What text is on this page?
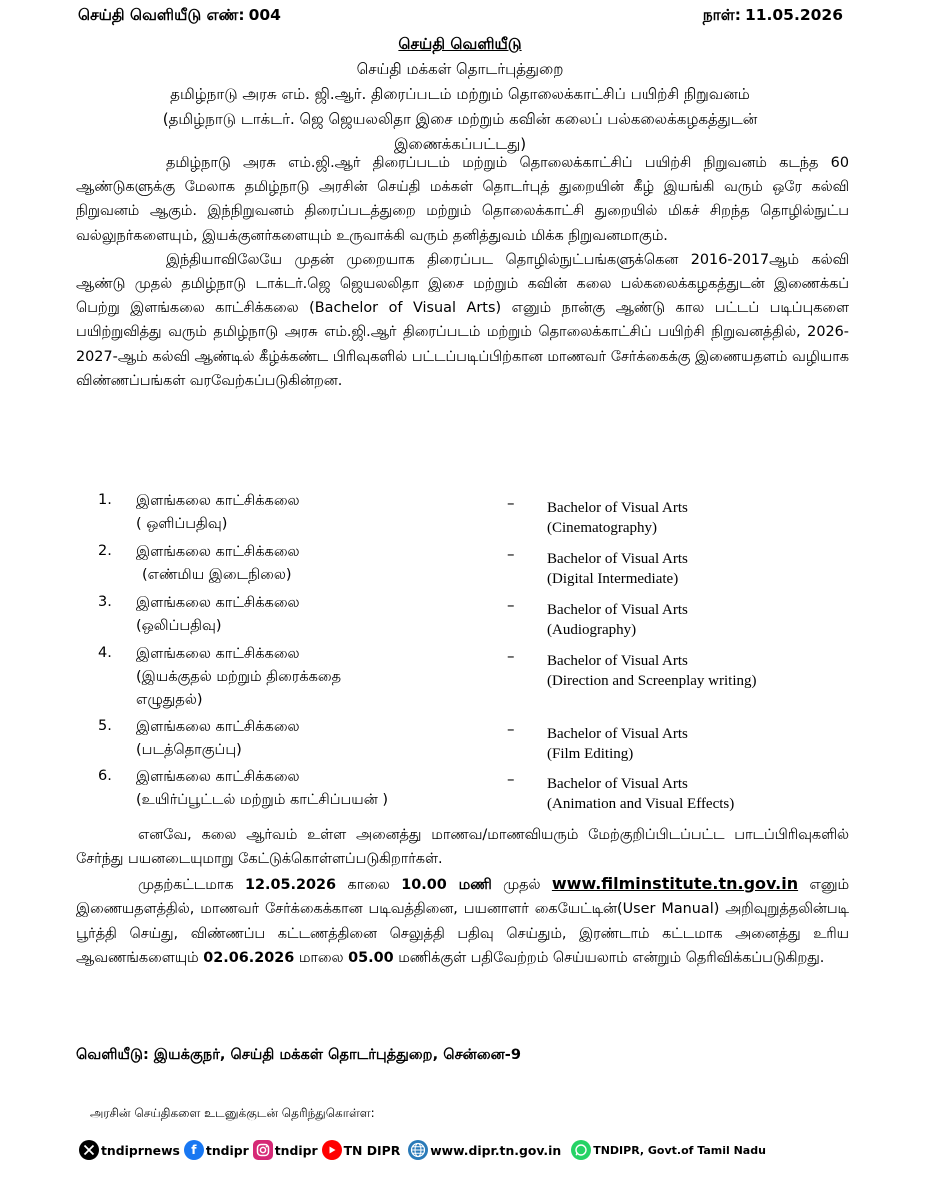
செய்தி வெளியீடு எண்: 004	நாள்: 11.05.2026
செய்தி வெளியீடு
செய்தி மக்கள் தொடர்புத்துறை
தமிழ்நாடு அரசு எம். ஜி.ஆர். திரைப்படம் மற்றும் தொலைக்காட்சிப் பயிற்சி நிறுவனம்
(தமிழ்நாடு டாக்டர். ஜெ ஜெயலலிதா இசை மற்றும் கவின் கலைப் பல்கலைக்கழகத்துடன் இணைக்கப்பட்டது)

தமிழ்நாடு அரசு எம்.ஜி.ஆர் திரைப்படம் மற்றும் தொலைக்காட்சிப் பயிற்சி நிறுவனம் கடந்த 60 ஆண்டுகளுக்கு மேலாக தமிழ்நாடு அரசின் செய்தி மக்கள் தொடர்புத் துறையின் கீழ் இயங்கி வரும் ஒரே கல்வி நிறுவனம் ஆகும். இந்நிறுவனம் திரைப்படத்துறை மற்றும் தொலைக்காட்சி துறையில் மிகச் சிறந்த தொழில்நுட்ப வல்லுநர்களையும், இயக்குனர்களையும் உருவாக்கி வரும் தனித்துவம் மிக்க நிறுவனமாகும்.

இந்தியாவிலேயே முதன் முறையாக திரைப்பட தொழில்நுட்பங்களுக்கென 2016-2017ஆம் கல்வி ஆண்டு முதல் தமிழ்நாடு டாக்டர்.ஜெ ஜெயலலிதா இசை மற்றும் கவின் கலை பல்கலைக்கழகத்துடன் இணைக்கப் பெற்று இளங்கலை காட்சிக்கலை (Bachelor of Visual Arts) எனும் நான்கு ஆண்டு கால பட்டப் படிப்புகளை பயிற்றுவித்து வரும் தமிழ்நாடு அரசு எம்.ஜி.ஆர் திரைப்படம் மற்றும் தொலைக்காட்சிப் பயிற்சி நிறுவனத்தில், 2026-2027-ஆம் கல்வி ஆண்டில் கீழ்க்கண்ட பிரிவுகளில் பட்டப்படிப்பிற்கான மாணவர் சேர்க்கைக்கு இணையதளம் வழியாக விண்ணப்பங்கள் வரவேற்கப்படுகின்றன.

1. இளங்கலை காட்சிக்கலை
( ஒளிப்பதிவு)
– Bachelor of Visual Arts
(Cinematography)
2. இளங்கலை காட்சிக்கலை
(எண்மிய இடைநிலை)
– Bachelor of Visual Arts
(Digital Intermediate)
3. இளங்கலை காட்சிக்கலை
(ஒலிப்பதிவு)
– Bachelor of Visual Arts
(Audiography)
4. இளங்கலை காட்சிக்கலை
(இயக்குதல் மற்றும் திரைக்கதை
எழுதுதல்)
– Bachelor of Visual Arts
(Direction and Screenplay writing)
5. இளங்கலை காட்சிக்கலை
(படத்தொகுப்பு)
– Bachelor of Visual Arts
(Film Editing)
6. இளங்கலை காட்சிக்கலை
(உயிர்ப்பூட்டல் மற்றும் காட்சிப்பயன் )
– Bachelor of Visual Arts
(Animation and Visual Effects)

எனவே, கலை ஆர்வம் உள்ள அனைத்து மாணவ/மாணவியரும் மேற்குறிப்பிடப்பட்ட பாடப்பிரிவுகளில் சேர்ந்து பயனடையுமாறு கேட்டுக்கொள்ளப்படுகிறார்கள்.

முதற்கட்டமாக 12.05.2026 காலை 10.00 மணி முதல் www.filminstitute.tn.gov.in எனும் இணையதளத்தில், மாணவர் சேர்க்கைக்கான படிவத்தினை, பயனாளர் கையேட்டின்(User Manual) அறிவுறுத்தலின்படி பூர்த்தி செய்து, விண்ணப்ப கட்டணத்தினை செலுத்தி பதிவு செய்தும், இரண்டாம் கட்டமாக அனைத்து உரிய ஆவணங்களையும் 02.06.2026 மாலை 05.00 மணிக்குள் பதிவேற்றம் செய்யலாம் என்றும் தெரிவிக்கப்படுகிறது.

வெளியீடு: இயக்குநர், செய்தி மக்கள் தொடர்புத்துறை, சென்னை-9
அரசின் செய்திகளை உடனுக்குடன் தெரிந்துகொள்ள:
tndiprnews f tndipr tndipr TN DIPR www.dipr.tn.gov.in	TNDIPR, Govt.of Tamil Nadu
